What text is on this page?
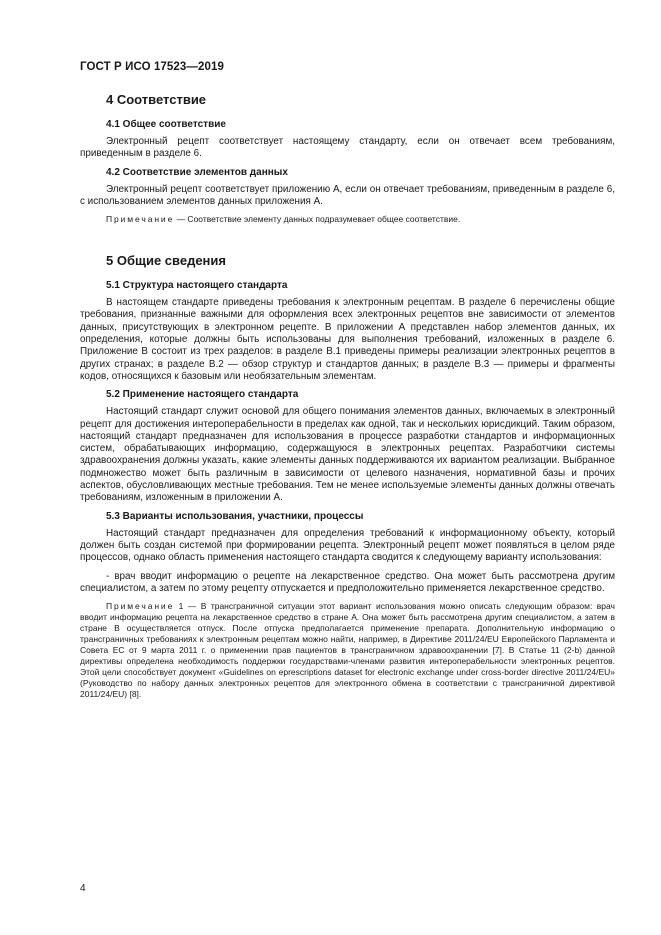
ГОСТ Р ИСО 17523—2019
4 Соответствие
4.1 Общее соответствие
Электронный рецепт соответствует настоящему стандарту, если он отвечает всем требованиям, приведенным в разделе 6.
4.2 Соответствие элементов данных
Электронный рецепт соответствует приложению А, если он отвечает требованиям, приведенным в разделе 6, с использованием элементов данных приложения А.
Примечание — Соответствие элементу данных подразумевает общее соответствие.
5 Общие сведения
5.1 Структура настоящего стандарта
В настоящем стандарте приведены требования к электронным рецептам. В разделе 6 перечислены общие требования, признанные важными для оформления всех электронных рецептов вне зависимости от элементов данных, присутствующих в электронном рецепте. В приложении А представлен набор элементов данных, их определения, которые должны быть использованы для выполнения требований, изложенных в разделе 6. Приложение В состоит из трех разделов: в разделе В.1 приведены примеры реализации электронных рецептов в других странах; в разделе В.2 — обзор структур и стандартов данных; в разделе В.3 — примеры и фрагменты кодов, относящихся к базовым или необязательным элементам.
5.2 Применение настоящего стандарта
Настоящий стандарт служит основой для общего понимания элементов данных, включаемых в электронный рецепт для достижения интероперабельности в пределах как одной, так и нескольких юрисдикций. Таким образом, настоящий стандарт предназначен для использования в процессе разработки стандартов и информационных систем, обрабатывающих информацию, содержащуюся в электронных рецептах. Разработчики системы здравоохранения должны указать, какие элементы данных поддерживаются их вариантом реализации. Выбранное подмножество может быть различным в зависимости от целевого назначения, нормативной базы и прочих аспектов, обусловливающих местные требования. Тем не менее используемые элементы данных должны отвечать требованиям, изложенным в приложении А.
5.3 Варианты использования, участники, процессы
Настоящий стандарт предназначен для определения требований к информационному объекту, который должен быть создан системой при формировании рецепта. Электронный рецепт может появляться в целом ряде процессов, однако область применения настоящего стандарта сводится к следующему варианту использования:
- врач вводит информацию о рецепте на лекарственное средство. Она может быть рассмотрена другим специалистом, а затем по этому рецепту отпускается и предположительно применяется лекарственное средство.
Примечание 1 — В трансграничной ситуации этот вариант использования можно описать следующим образом: врач вводит информацию рецепта на лекарственное средство в стране А. Она может быть рассмотрена другим специалистом, а затем в стране В осуществляется отпуск. После отпуска предполагается применение препарата. Дополнительную информацию о трансграничных требованиях к электронным рецептам можно найти, например, в Директиве 2011/24/EU Европейского Парламента и Совета ЕС от 9 марта 2011 г. о применении прав пациентов в трансграничном здравоохранении [7]. В Статье 11 (2-b) данной директивы определена необходимость поддержки государствами-членами развития интероперабельности электронных рецептов. Этой цели способствует документ «Guidelines on eprescriptions dataset for electronic exchange under cross-border directive 2011/24/EU» (Руководство по набору данных электронных рецептов для электронного обмена в соответствии с трансграничной директивой 2011/24/EU) [8].
4
